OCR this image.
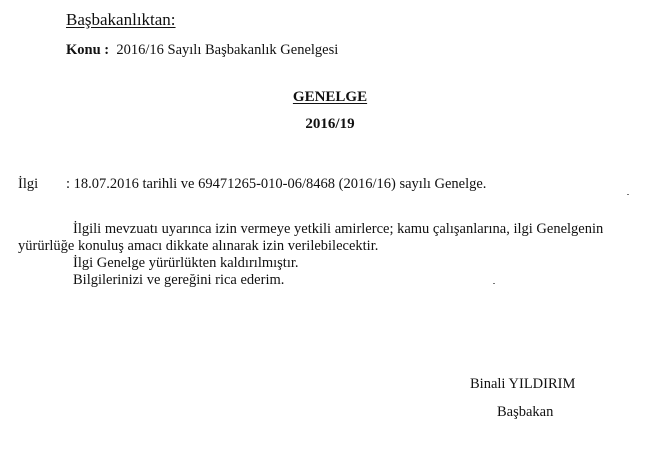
Başbakanlıktan:
Konu : 2016/16 Sayılı Başbakanlık Genelgesi
GENELGE
2016/19
İlgi : 18.07.2016 tarihli ve 69471265-010-06/8468 (2016/16) sayılı Genelge.

İlgili mevzuatı uyarınca izin vermeye yetkili amirlerce; kamu çalışanlarına, ilgi Genelgenin

yürürlüğe konuluş amacı dikkate alınarak izin verilebilecektir.

İlgi Genelge yürürlükten kaldırılmıştır.

Bilgilerinizi ve gereğini rica ederim.

Binali YILDIRIM
Başbakan
